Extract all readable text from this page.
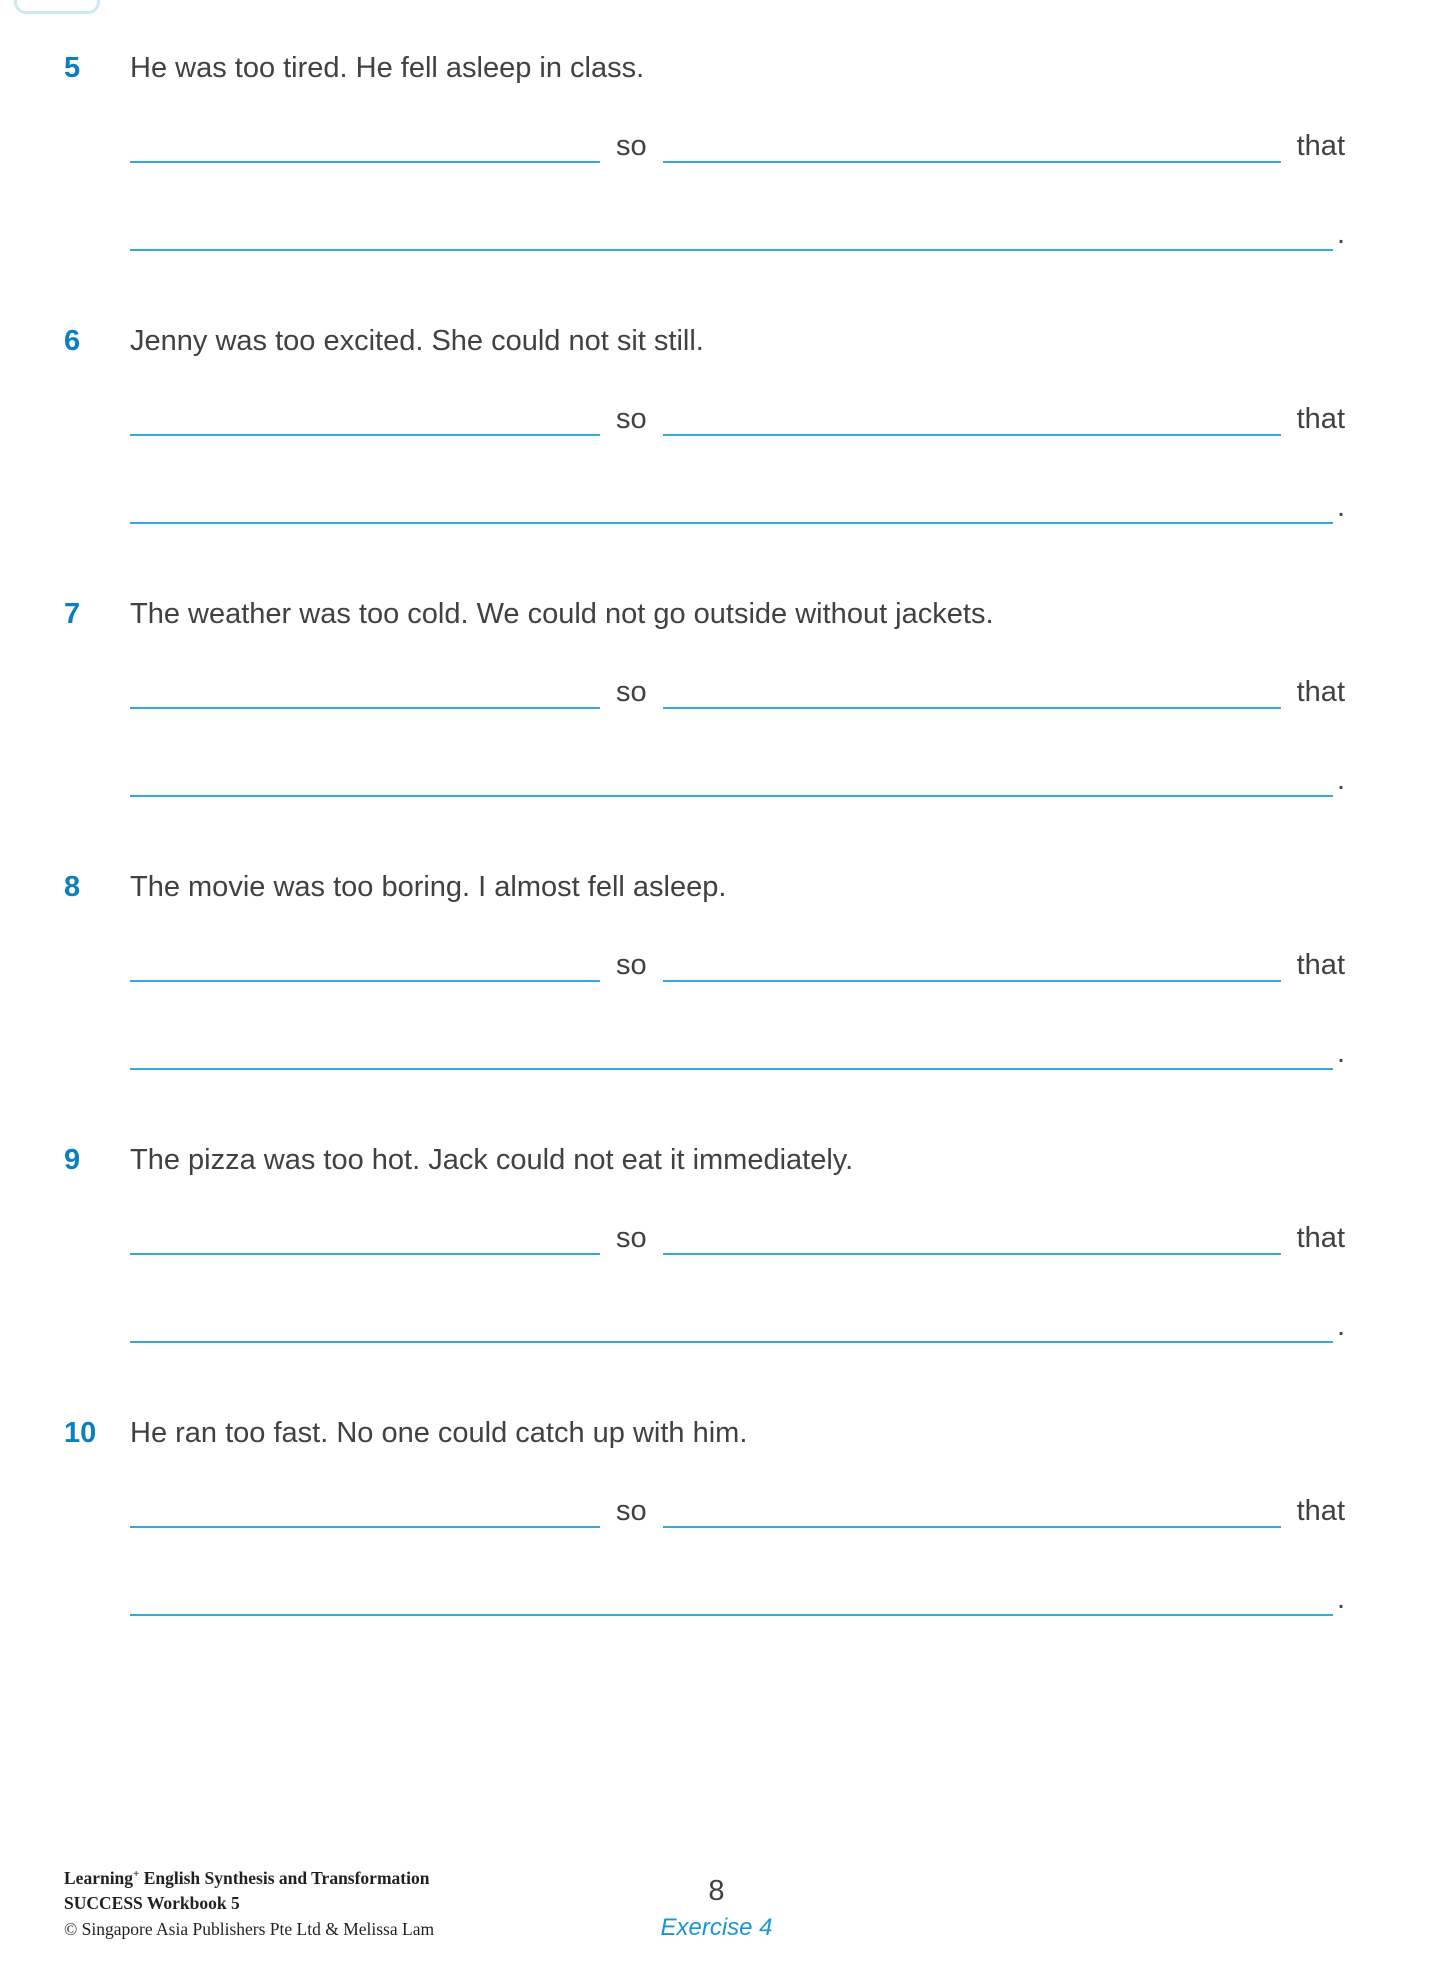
5	He was too tired. He fell asleep in class.
so	that
.
6	Jenny was too excited. She could not sit still.
so	that
.
7	The weather was too cold. We could not go outside without jackets.
so	that
.
8	The movie was too boring. I almost fell asleep.
so	that
.
9	The pizza was too hot. Jack could not eat it immediately.
so	that
.
10	He ran too fast. No one could catch up with him.
so	that
.
Learning+ English Synthesis and Transformation
SUCCESS Workbook 5
© Singapore Asia Publishers Pte Ltd & Melissa Lam
8
Exercise 4
